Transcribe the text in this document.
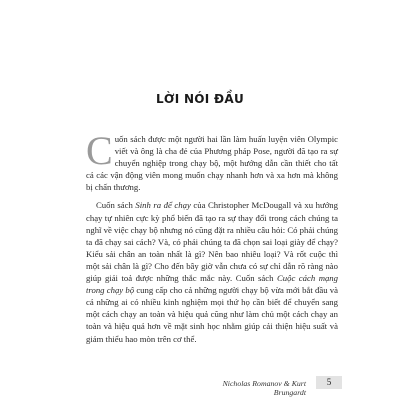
LỜI NÓI ĐẦU

Cuốn sách được một người hai lần làm huấn luyện viên Olympic viết và ông là cha đẻ của Phương pháp Pose, người đã tạo ra sự chuyển nghiệp trong chạy bộ, một hướng dẫn cần thiết cho tất cả các vận động viên mong muốn chạy nhanh hơn và xa hơn mà không bị chấn thương.

Cuốn sách Sinh ra để chạy của Christopher McDougall và xu hướng chạy tự nhiên cực kỳ phổ biến đã tạo ra sự thay đổi trong cách chúng ta nghĩ về việc chạy bộ nhưng nó cũng đặt ra nhiều câu hỏi: Có phải chúng ta đã chạy sai cách? Và, có phải chúng ta đã chọn sai loại giày để chạy? Kiểu sải chân an toàn nhất là gì? Nên bao nhiêu loại? Và rốt cuộc thì một sải chân là gì? Cho đến bây giờ vẫn chưa có sự chỉ dẫn rõ ràng nào giúp giải toả được những thắc mắc này. Cuốn sách Cuộc cách mạng trong chạy bộ cung cấp cho cả những người chạy bộ vừa mới bắt đầu và cả những ai có nhiều kinh nghiệm mọi thứ họ cần biết để chuyển sang một cách chạy an toàn và hiệu quả cũng như làm chủ một cách chạy an toàn và hiệu quả hơn về mặt sinh học nhằm giúp cải thiện hiệu suất và giảm thiểu hao mòn trên cơ thể.

Nicholas Romanov & Kurt Brungardt
5
